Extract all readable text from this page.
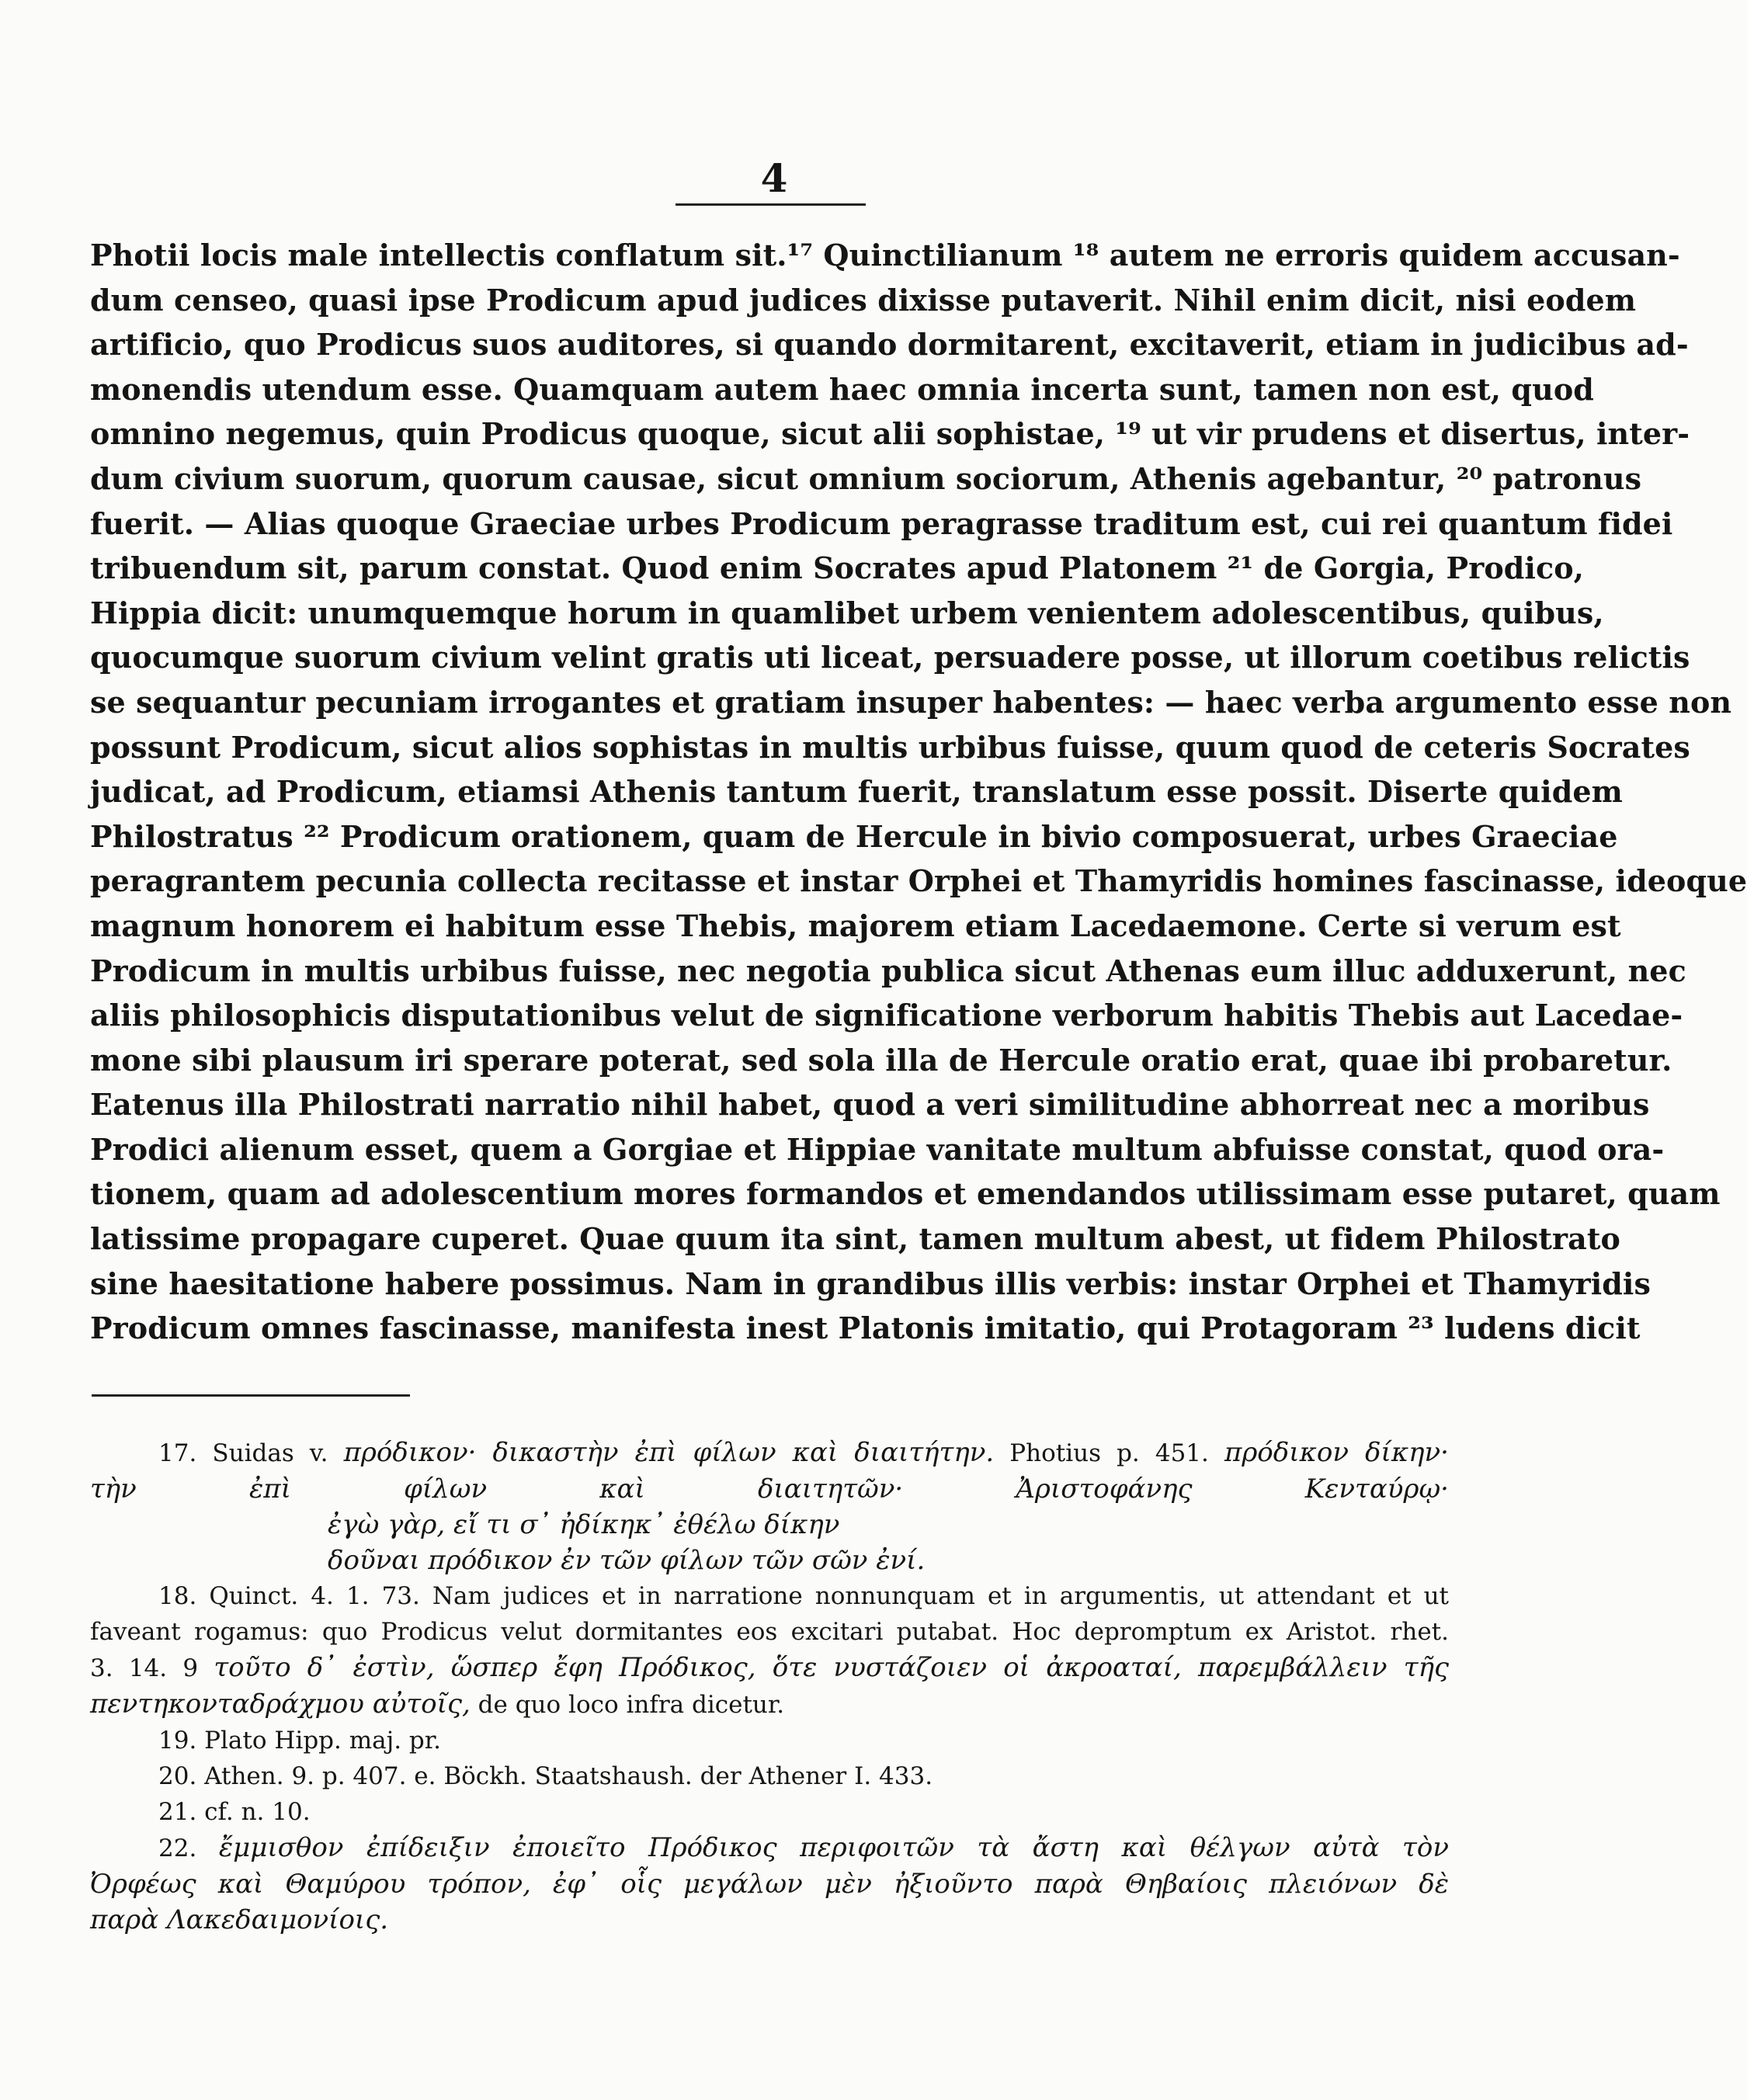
4
Photii locis male intellectis conflatum sit.¹⁷ Quinctilianum ¹⁸ autem ne erroris quidem accusan-
dum censeo, quasi ipse Prodicum apud judices dixisse putaverit. Nihil enim dicit, nisi eodem
artificio, quo Prodicus suos auditores, si quando dormitarent, excitaverit, etiam in judicibus ad-
monendis utendum esse. Quamquam autem haec omnia incerta sunt, tamen non est, quod
omnino negemus, quin Prodicus quoque, sicut alii sophistae, ¹⁹ ut vir prudens et disertus, inter-
dum civium suorum, quorum causae, sicut omnium sociorum, Athenis agebantur, ²⁰ patronus
fuerit. — Alias quoque Graeciae urbes Prodicum peragrasse traditum est, cui rei quantum fidei
tribuendum sit, parum constat. Quod enim Socrates apud Platonem ²¹ de Gorgia, Prodico,
Hippia dicit: unumquemque horum in quamlibet urbem venientem adolescentibus, quibus,
quocumque suorum civium velint gratis uti liceat, persuadere posse, ut illorum coetibus relictis
se sequantur pecuniam irrogantes et gratiam insuper habentes: — haec verba argumento esse non
possunt Prodicum, sicut alios sophistas in multis urbibus fuisse, quum quod de ceteris Socrates
judicat, ad Prodicum, etiamsi Athenis tantum fuerit, translatum esse possit. Diserte quidem
Philostratus ²² Prodicum orationem, quam de Hercule in bivio composuerat, urbes Graeciae
peragrantem pecunia collecta recitasse et instar Orphei et Thamyridis homines fascinasse, ideoque
magnum honorem ei habitum esse Thebis, majorem etiam Lacedaemone. Certe si verum est
Prodicum in multis urbibus fuisse, nec negotia publica sicut Athenas eum illuc adduxerunt, nec
aliis philosophicis disputationibus velut de significatione verborum habitis Thebis aut Lacedae-
mone sibi plausum iri sperare poterat, sed sola illa de Hercule oratio erat, quae ibi probaretur.
Eatenus illa Philostrati narratio nihil habet, quod a veri similitudine abhorreat nec a moribus
Prodici alienum esset, quem a Gorgiae et Hippiae vanitate multum abfuisse constat, quod ora-
tionem, quam ad adolescentium mores formandos et emendandos utilissimam esse putaret, quam
latissime propagare cuperet. Quae quum ita sint, tamen multum abest, ut fidem Philostrato
sine haesitatione habere possimus. Nam in grandibus illis verbis: instar Orphei et Thamyridis
Prodicum omnes fascinasse, manifesta inest Platonis imitatio, qui Protagoram ²³ ludens dicit
17. Suidas v. πρόδικον· δικαστὴν ἐπὶ φίλων καὶ διαιτήτην. Photius p. 451. πρόδικον δίκην·
τὴν ἐπὶ φίλων καὶ διαιτητῶν· Ἀριστοφάνης Κενταύρῳ·
ἐγὼ γὰρ, εἴ τι σ᾽ ἠδίκηκ᾽ ἐθέλω δίκην
δοῦναι πρόδικον ἐν τῶν φίλων τῶν σῶν ἐνί.
18. Quinct. 4. 1. 73. Nam judices et in narratione nonnunquam et in argumentis, ut attendant et ut
faveant rogamus: quo Prodicus velut dormitantes eos excitari putabat. Hoc depromptum ex Aristot. rhet.
3. 14. 9 τοῦτο δ᾽ ἐστὶν, ὥσπερ ἔφη Πρόδικος, ὅτε νυστάζοιεν οἱ ἀκροαταί, παρεμβάλλειν τῆς
πεντηκονταδράχμου αὐτοῖς, de quo loco infra dicetur.
19. Plato Hipp. maj. pr.
20. Athen. 9. p. 407. e. Böckh. Staatshaush. der Athener I. 433.
21. cf. n. 10.
22. ἔμμισθον ἐπίδειξιν ἐποιεῖτο Πρόδικος περιφοιτῶν τὰ ἄστη καὶ θέλγων αὐτὰ τὸν
Ὀρφέως καὶ Θαμύρου τρόπον, ἐφ᾽ οἷς μεγάλων μὲν ἠξιοῦντο παρὰ Θηβαίοις πλειόνων δὲ
παρὰ Λακεδαιμονίοις.
